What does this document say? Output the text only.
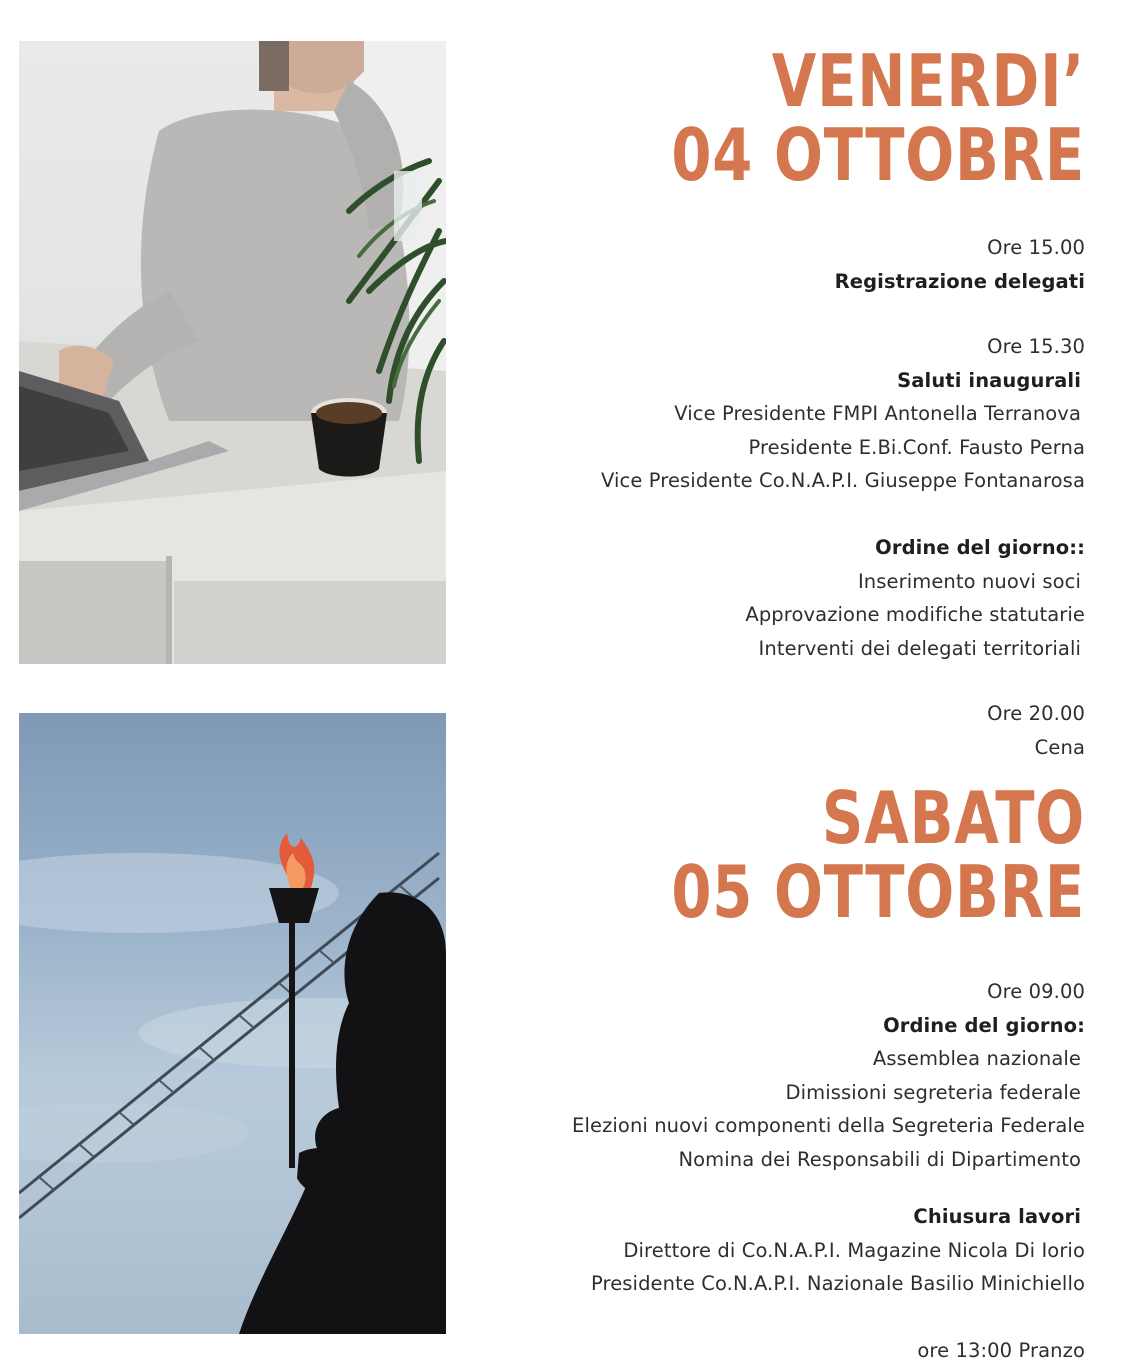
VENERDI’
04 OTTOBRE
Ore 15.00
Registrazione delegati
Ore 15.30
Saluti inaugurali
Vice Presidente FMPI Antonella Terranova
Presidente E.Bi.Conf. Fausto Perna
Vice Presidente Co.N.A.P.I. Giuseppe Fontanarosa
Ordine del giorno::
Inserimento nuovi soci
Approvazione modifiche statutarie
Interventi dei delegati territoriali
Ore 20.00
Cena
SABATO
05 OTTOBRE
Ore 09.00
Ordine del giorno:
Assemblea nazionale
Dimissioni segreteria federale
Elezioni nuovi componenti della Segreteria Federale
Nomina dei Responsabili di Dipartimento
Chiusura lavori
Direttore di Co.N.A.P.I. Magazine Nicola Di Iorio
Presidente Co.N.A.P.I. Nazionale Basilio Minichiello
ore 13:00 Pranzo
